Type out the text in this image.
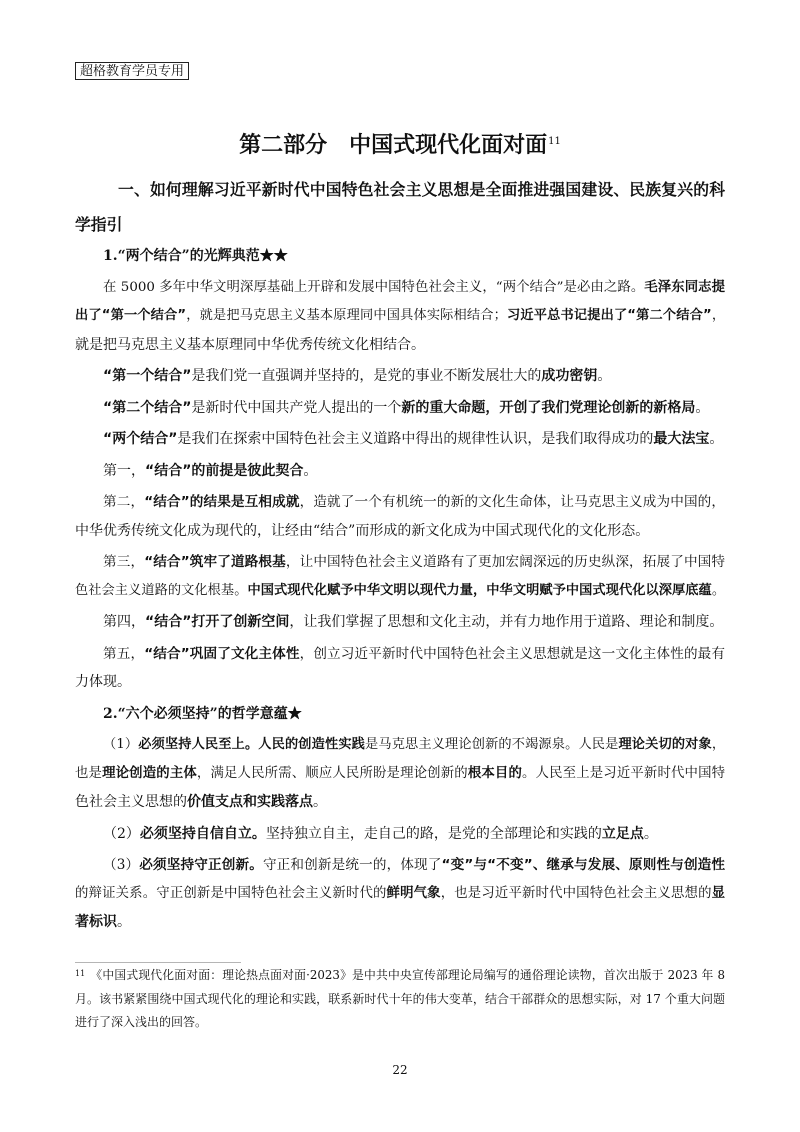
超格教育学员专用
第二部分　中国式现代化面对面$^{11}$
一、如何理解习近平新时代中国特色社会主义思想是全面推进强国建设、民族复兴的科
学指引
1.“两个结合”的光辉典范★★
在 5000 多年中华文明深厚基础上开辟和发展中国特色社会主义，“两个结合”是必由之路。毛泽东同志提
出了“第一个结合”，就是把马克思主义基本原理同中国具体实际相结合；习近平总书记提出了“第二个结合”，
就是把马克思主义基本原理同中华优秀传统文化相结合。
“第一个结合”是我们党一直强调并坚持的，是党的事业不断发展壮大的成功密钥。
“第二个结合”是新时代中国共产党人提出的一个新的重大命题，开创了我们党理论创新的新格局。
“两个结合”是我们在探索中国特色社会主义道路中得出的规律性认识，是我们取得成功的最大法宝。
第一，“结合”的前提是彼此契合。
第二，“结合”的结果是互相成就，造就了一个有机统一的新的文化生命体，让马克思主义成为中国的，
中华优秀传统文化成为现代的，让经由“结合”而形成的新文化成为中国式现代化的文化形态。
第三，“结合”筑牢了道路根基，让中国特色社会主义道路有了更加宏阔深远的历史纵深，拓展了中国特
色社会主义道路的文化根基。中国式现代化赋予中华文明以现代力量，中华文明赋予中国式现代化以深厚底蕴。
第四，“结合”打开了创新空间，让我们掌握了思想和文化主动，并有力地作用于道路、理论和制度。
第五，“结合”巩固了文化主体性，创立习近平新时代中国特色社会主义思想就是这一文化主体性的最有
力体现。
2.“六个必须坚持”的哲学意蕴★
（1）必须坚持人民至上。人民的创造性实践是马克思主义理论创新的不竭源泉。人民是理论关切的对象，
也是理论创造的主体，满足人民所需、顺应人民所盼是理论创新的根本目的。人民至上是习近平新时代中国特
色社会主义思想的价值支点和实践落点。
（2）必须坚持自信自立。坚持独立自主，走自己的路，是党的全部理论和实践的立足点。
（3）必须坚持守正创新。守正和创新是统一的，体现了“变”与“不变”、继承与发展、原则性与创造性
的辩证关系。守正创新是中国特色社会主义新时代的鲜明气象，也是习近平新时代中国特色社会主义思想的显
著标识。
$^{11}$ 《中国式现代化面对面：理论热点面对面·2023》是中共中央宣传部理论局编写的通俗理论读物，首次出版于 2023 年 8
月。该书紧紧围绕中国式现代化的理论和实践，联系新时代十年的伟大变革，结合干部群众的思想实际，对 17 个重大问题
进行了深入浅出的回答。
22
